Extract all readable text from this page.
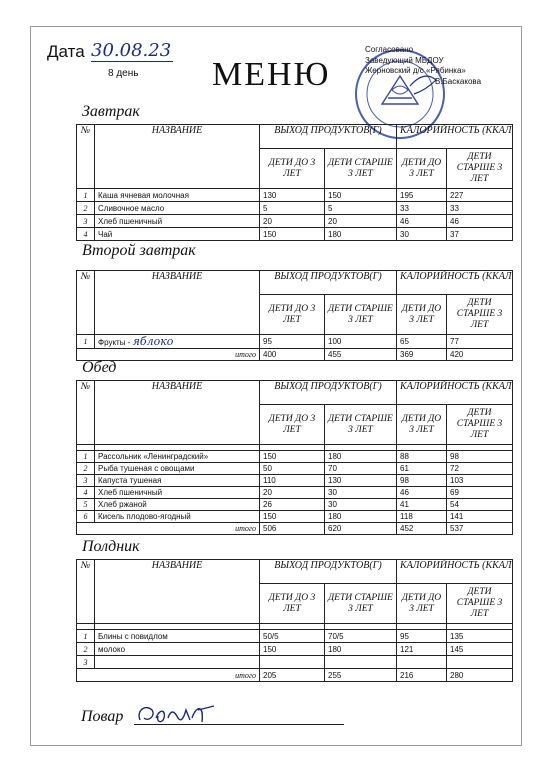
Дата 30.08.23
8 день МЕНЮ
Согласовано
Заведующий МБДОУ
Жерновский д/с «Рябинка»
В.Баскакова
Завтрак
№	НАЗВАНИЕ	ВЫХОД ПРОДУКТОВ(Г)		КАЛОРИЙНОСТЬ (ККАЛ	
		ДЕТИ ДО 3 ЛЕТ	ДЕТИ СТАРШЕ 3 ЛЕТ	ДЕТИ ДО 3 ЛЕТ	ДЕТИ СТАРШЕ 3 ЛЕТ
1	Каша ячневая молочная	130	150	195	227
2	Сливочное масло	5	5	33	33
3	Хлеб пшеничный	20	20	46	46
4	Чай	150	180	30	37
Второй завтрак
№	НАЗВАНИЕ	ВЫХОД ПРОДУКТОВ(Г)		КАЛОРИЙНОСТЬ (ККАЛ	
		ДЕТИ ДО 3 ЛЕТ	ДЕТИ СТАРШЕ 3 ЛЕТ	ДЕТИ ДО 3 ЛЕТ	ДЕТИ СТАРШЕ 3 ЛЕТ
1	Фрукты - яблоко	95	100	65	77
итого		400	455	369	420
Обед
№	НАЗВАНИЕ	ВЫХОД ПРОДУКТОВ(Г)		КАЛОРИЙНОСТЬ (ККАЛ	
		ДЕТИ ДО 3 ЛЕТ	ДЕТИ СТАРШЕ 3 ЛЕТ	ДЕТИ ДО 3 ЛЕТ	ДЕТИ СТАРШЕ 3 ЛЕТ

1	Рассольник «Ленинградский»	150	180	88	98
2	Рыба тушеная с овощами	50	70	61	72
3	Капуста тушеная	110	130	98	103
4	Хлеб пшеничный	20	30	46	69
5	Хлеб ржаной	26	30	41	54
6	Кисель плодово-ягодный	150	180	118	141
итого		506	620	452	537
Полдник
№	НАЗВАНИЕ	ВЫХОД ПРОДУКТОВ(Г)		КАЛОРИЙНОСТЬ (ККАЛ	
		ДЕТИ ДО 3 ЛЕТ	ДЕТИ СТАРШЕ 3 ЛЕТ	ДЕТИ ДО 3 ЛЕТ	ДЕТИ СТАРШЕ 3 ЛЕТ

1	Блины с повидлом	50/5	70/5	95	135
2	молоко	150	180	121	145
3					
итого		205	255	216	280
Повар
